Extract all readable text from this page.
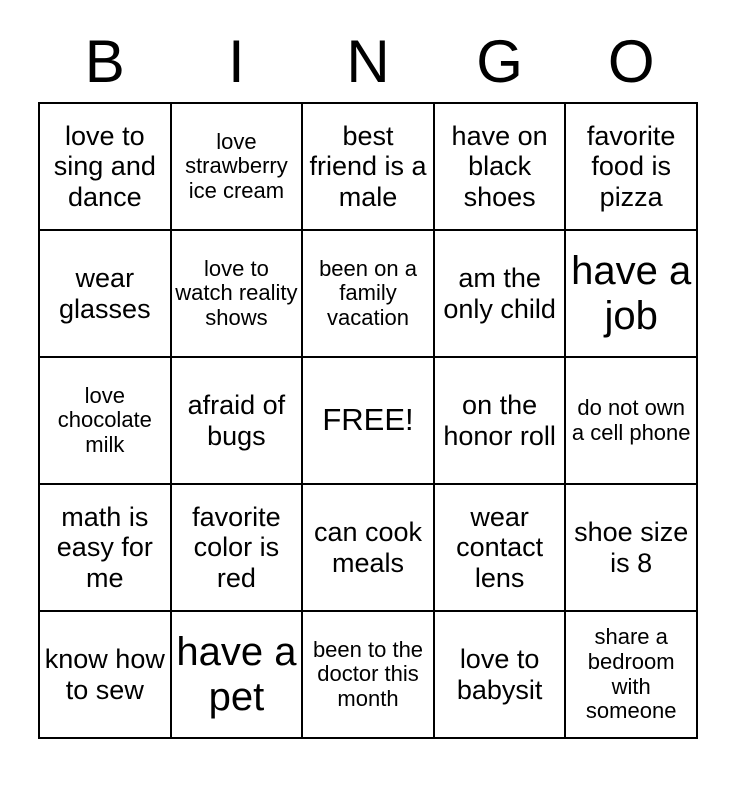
B	I	N	G	O
love to sing and dance	love strawberry ice cream	best friend is a male	have on black shoes	favorite food is pizza

wear glasses	love to watch reality shows	been on a family vacation	am the only child	have a job

love chocolate milk	afraid of bugs	FREE!	on the honor roll	do not own a cell phone

math is easy for me	favorite color is red	can cook meals	wear contact lens	shoe size is 8

know how to sew	have a pet	been to the doctor this month	love to babysit	share a bedroom with someone
